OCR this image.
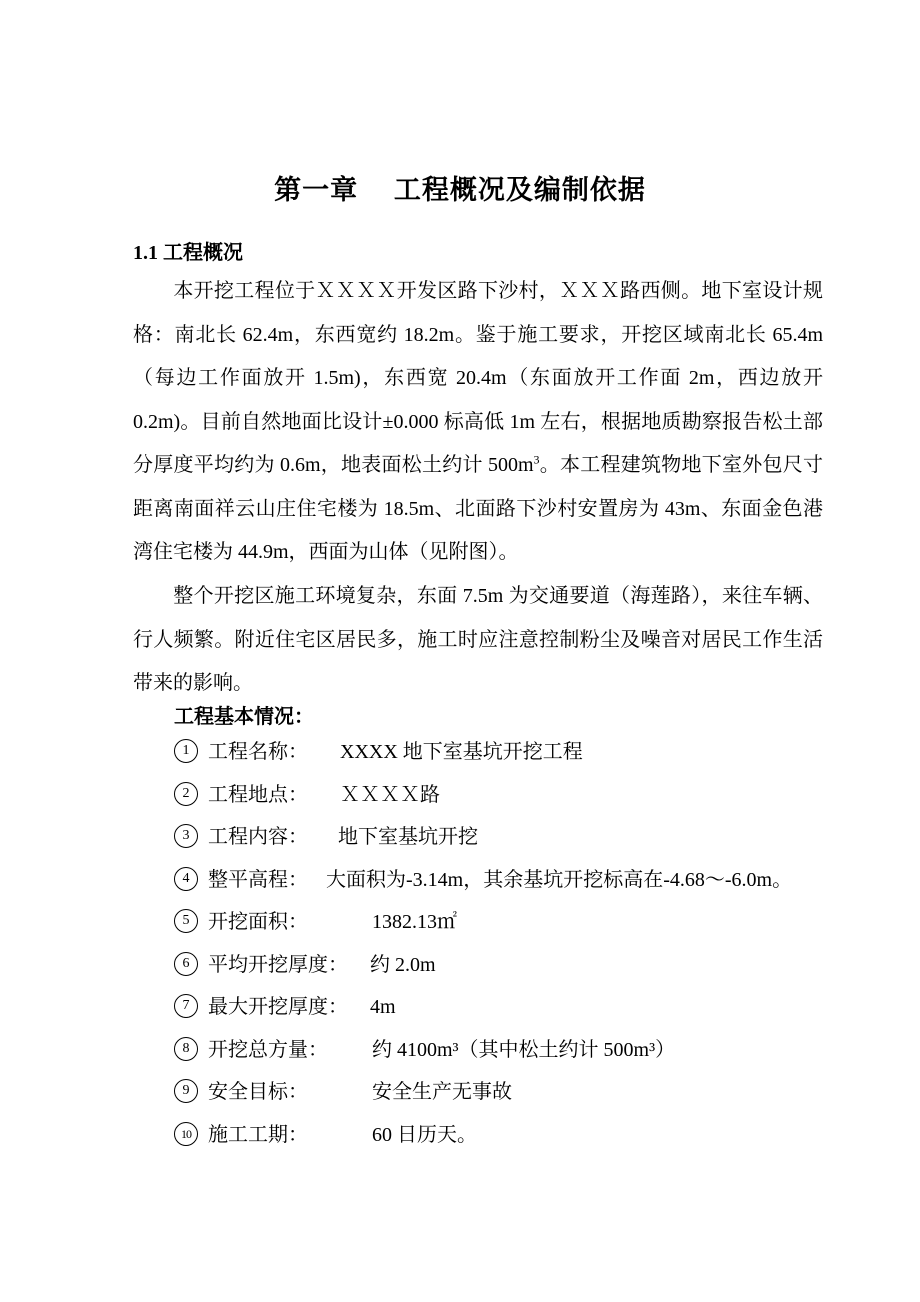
第一章　 工程概况及编制依据
1.1 工程概况
本开挖工程位于ＸＸＸＸ开发区路下沙村，ＸＸＸ路西侧。地下室设计规格：南北长 62.4m，东西宽约 18.2m。鉴于施工要求，开挖区域南北长 65.4m（每边工作面放开 1.5m)，东西宽 20.4m（东面放开工作面 2m，西边放开 0.2m)。目前自然地面比设计±0.000 标高低 1m 左右，根据地质勘察报告松土部分厚度平均约为 0.6m，地表面松土约计 $500m^3$。本工程建筑物地下室外包尺寸距离南面祥云山庄住宅楼为 18.5m、北面路下沙村安置房为 43m、东面金色港湾住宅楼为 44.9m，西面为山体（见附图）。
整个开挖区施工环境复杂，东面 7.5m 为交通要道（海莲路），来往车辆、行人频繁。附近住宅区居民多，施工时应注意控制粉尘及噪音对居民工作生活带来的影响。
工程基本情况：
1 工程名称： XXXX 地下室基坑开挖工程
2 工程地点： ＸＸＸＸ路
3 工程内容： 地下室基坑开挖
4 整平高程： 大面积为-3.14m，其余基坑开挖标高在-4.68～-6.0m。
5 开挖面积：	1382.13㎡
6 平均开挖厚度： 约 2.0m
7 最大开挖厚度： 4m
8 开挖总方量： 约 4100m³（其中松土约计 500m³）
9 安全目标：	安全生产无事故
10 施工工期：	60 日历天。
